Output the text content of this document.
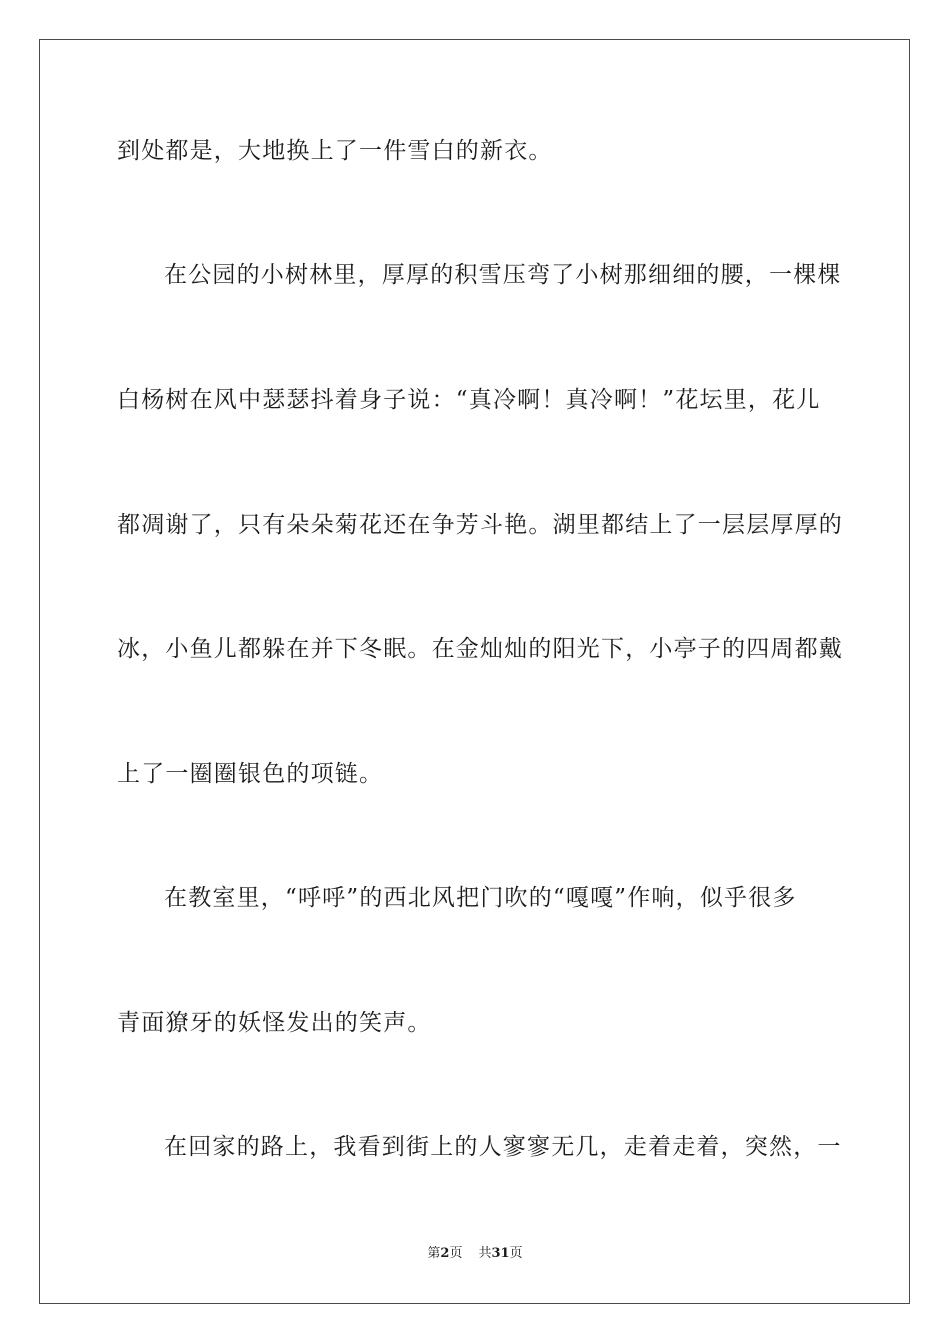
到处都是，大地换上了一件雪白的新衣。
在公园的小树林里，厚厚的积雪压弯了小树那细细的腰，一棵棵
白杨树在风中瑟瑟抖着身子说：“真冷啊！真冷啊！”花坛里，花儿
都凋谢了，只有朵朵菊花还在争芳斗艳。湖里都结上了一层层厚厚的
冰，小鱼儿都躲在并下冬眠。在金灿灿的阳光下，小亭子的四周都戴
上了一圈圈银色的项链。
在教室里，“呼呼”的西北风把门吹的“嘎嘎”作响，似乎很多
青面獠牙的妖怪发出的笑声。
在回家的路上，我看到街上的人寥寥无几，走着走着，突然，一
第2页 共31页
